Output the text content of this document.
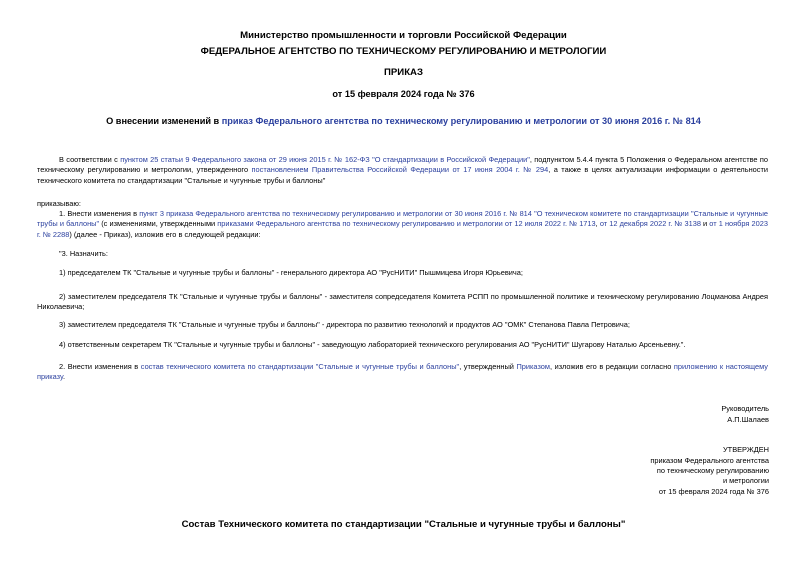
Министерство промышленности и торговли Российской Федерации
ФЕДЕРАЛЬНОЕ АГЕНТСТВО ПО ТЕХНИЧЕСКОМУ РЕГУЛИРОВАНИЮ И МЕТРОЛОГИИ
ПРИКАЗ
от 15 февраля 2024 года № 376
О внесении изменений в приказ Федерального агентства по техническому регулированию и метрологии от 30 июня 2016 г. № 814
В соответствии с пунктом 25 статьи 9 Федерального закона от 29 июня 2015 г. № 162-ФЗ "О стандартизации в Российской Федерации", подпунктом 5.4.4 пункта 5 Положения о Федеральном агентстве по техническому регулированию и метрологии, утвержденного постановлением Правительства Российской Федерации от 17 июня 2004 г. № 294, а также в целях актуализации информации о деятельности технического комитета по стандартизации "Стальные и чугунные трубы и баллоны"
приказываю:
1. Внести изменения в пункт 3 приказа Федерального агентства по техническому регулированию и метрологии от 30 июня 2016 г. № 814 "О техническом комитете по стандартизации "Стальные и чугунные трубы и баллоны" (с изменениями, утвержденными приказами Федерального агентства по техническому регулированию и метрологии от 12 июля 2022 г. № 1713, от 12 декабря 2022 г. № 3138 и от 1 ноября 2023 г. № 2288) (далее - Приказ), изложив его в следующей редакции:
"3. Назначить:
1) председателем ТК "Стальные и чугунные трубы и баллоны" - генерального директора АО "РусНИТИ" Пышмицева Игоря Юрьевича;
2) заместителем председателя ТК "Стальные и чугунные трубы и баллоны" - заместителя сопредседателя Комитета РСПП по промышленной политике и техническому регулированию Лоцманова Андрея Николаевича;
3) заместителем председателя ТК "Стальные и чугунные трубы и баллоны" - директора по развитию технологий и продуктов АО "ОМК" Степанова Павла Петровича;
4) ответственным секретарем ТК "Стальные и чугунные трубы и баллоны" - заведующую лабораторией технического регулирования АО "РусНИТИ" Шугарову Наталью Арсеньевну.".
2. Внести изменения в состав технического комитета по стандартизации "Стальные и чугунные трубы и баллоны", утвержденный Приказом, изложив его в редакции согласно приложению к настоящему приказу.
Руководитель
А.П.Шалаев
УТВЕРЖДЕН
приказом Федерального агентства
по техническому регулированию
и метрологии
от 15 февраля 2024 года № 376
Состав Технического комитета по стандартизации "Стальные и чугунные трубы и баллоны"
